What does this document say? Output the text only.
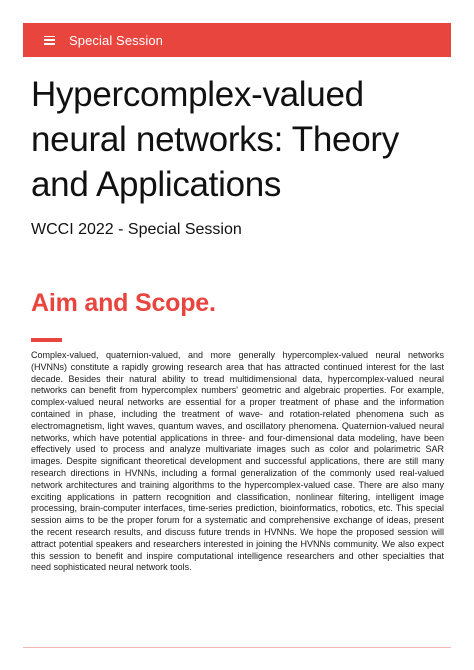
Special Session
Hypercomplex-valued neural networks: Theory and Applications
WCCI 2022 - Special Session
Aim and Scope.

Complex-valued, quaternion-valued, and more generally hypercomplex-valued neural networks (HVNNs) constitute a rapidly growing research area that has attracted continued interest for the last decade. Besides their natural ability to tread multidimensional data, hypercomplex-valued neural networks can benefit from hypercomplex numbers' geometric and algebraic properties. For example, complex-valued neural networks are essential for a proper treatment of phase and the information contained in phase, including the treatment of wave- and rotation-related phenomena such as electromagnetism, light waves, quantum waves, and oscillatory phenomena. Quaternion-valued neural networks, which have potential applications in three- and four-dimensional data modeling, have been effectively used to process and analyze multivariate images such as color and polarimetric SAR images. Despite significant theoretical development and successful applications, there are still many research directions in HVNNs, including a formal generalization of the commonly used real-valued network architectures and training algorithms to the hypercomplex-valued case. There are also many exciting applications in pattern recognition and classification, nonlinear filtering, intelligent image processing, brain-computer interfaces, time-series prediction, bioinformatics, robotics, etc. This special session aims to be the proper forum for a systematic and comprehensive exchange of ideas, present the recent research results, and discuss future trends in HVNNs. We hope the proposed session will attract potential speakers and researchers interested in joining the HVNNs community. We also expect this session to benefit and inspire computational intelligence researchers and other specialties that need sophisticated neural network tools.
